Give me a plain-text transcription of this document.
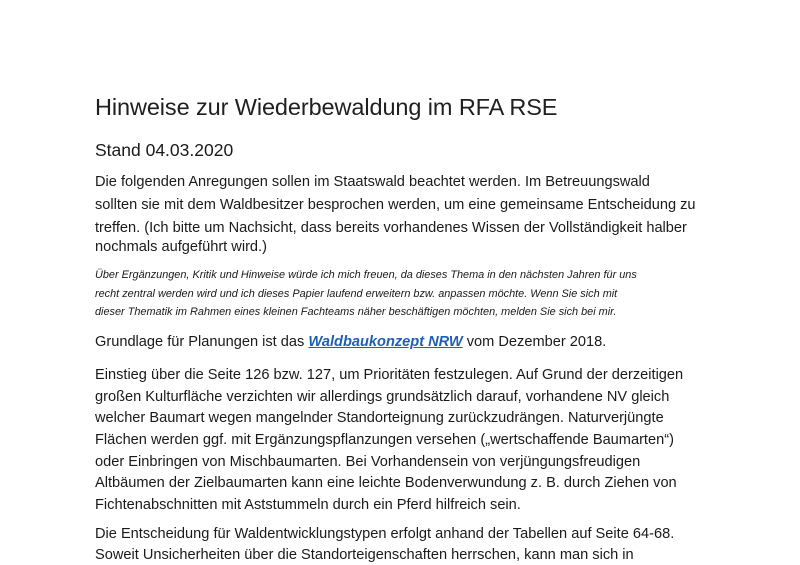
Hinweise zur Wiederbewaldung im RFA RSE
Stand 04.03.2020
Die folgenden Anregungen sollen im Staatswald beachtet werden. Im Betreuungswald
sollten sie mit dem Waldbesitzer besprochen werden, um eine gemeinsame Entscheidung zu
treffen. (Ich bitte um Nachsicht, dass bereits vorhandenes Wissen der Vollständigkeit halber
nochmals aufgeführt wird.)
Über Ergänzungen, Kritik und Hinweise würde ich mich freuen, da dieses Thema in den nächsten Jahren für uns
recht zentral werden wird und ich dieses Papier laufend erweitern bzw. anpassen möchte. Wenn Sie sich mit
dieser Thematik im Rahmen eines kleinen Fachteams näher beschäftigen möchten, melden Sie sich bei mir.
Grundlage für Planungen ist das Waldbaukonzept NRW vom Dezember 2018.
Einstieg über die Seite 126 bzw. 127, um Prioritäten festzulegen. Auf Grund der derzeitigen
großen Kulturfläche verzichten wir allerdings grundsätzlich darauf, vorhandene NV gleich
welcher Baumart wegen mangelnder Standorteignung zurückzudrängen. Naturverjüngte
Flächen werden ggf. mit Ergänzungspflanzungen versehen („wertschaffende Baumarten“)
oder Einbringen von Mischbaumarten. Bei Vorhandensein von verjüngungsfreudigen
Altbäumen der Zielbaumarten kann eine leichte Bodenverwundung z. B. durch Ziehen von
Fichtenabschnitten mit Aststummeln durch ein Pferd hilfreich sein.
Die Entscheidung für Waldentwicklungstypen erfolgt anhand der Tabellen auf Seite 64-68.
Soweit Unsicherheiten über die Standorteigenschaften herrschen, kann man sich in
